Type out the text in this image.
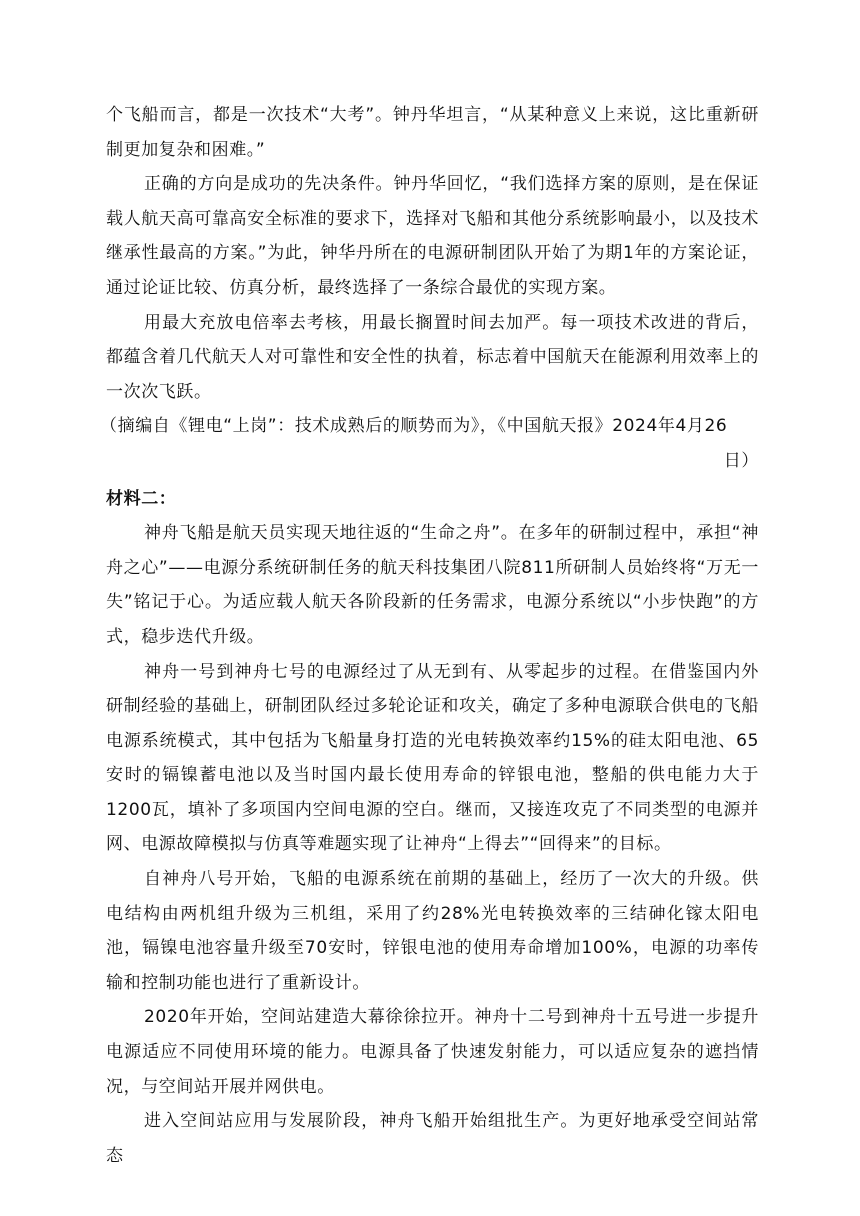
个飞船而言，都是一次技术“大考”。钟丹华坦言，“从某种意义上来说，这比重新研制更加复杂和困难。”

正确的方向是成功的先决条件。钟丹华回忆，“我们选择方案的原则，是在保证载人航天高可靠高安全标准的要求下，选择对飞船和其他分系统影响最小，以及技术继承性最高的方案。”为此，钟华丹所在的电源研制团队开始了为期1年的方案论证，通过论证比较、仿真分析，最终选择了一条综合最优的实现方案。

用最大充放电倍率去考核，用最长搁置时间去加严。每一项技术改进的背后，都蕴含着几代航天人对可靠性和安全性的执着，标志着中国航天在能源利用效率上的一次次飞跃。

（摘编自《锂电“上岗”：技术成熟后的顺势而为》，《中国航天报》2024年4月26

日）

材料二：

神舟飞船是航天员实现天地往返的“生命之舟”。在多年的研制过程中，承担“神舟之心”——电源分系统研制任务的航天科技集团八院811所研制人员始终将“万无一失”铭记于心。为适应载人航天各阶段新的任务需求，电源分系统以“小步快跑”的方式，稳步迭代升级。

神舟一号到神舟七号的电源经过了从无到有、从零起步的过程。在借鉴国内外研制经验的基础上，研制团队经过多轮论证和攻关，确定了多种电源联合供电的飞船电源系统模式，其中包括为飞船量身打造的光电转换效率约15%的硅太阳电池、65安时的镉镍蓄电池以及当时国内最长使用寿命的锌银电池，整船的供电能力大于1200瓦，填补了多项国内空间电源的空白。继而，又接连攻克了不同类型的电源并网、电源故障模拟与仿真等难题实现了让神舟“上得去”“回得来”的目标。

自神舟八号开始，飞船的电源系统在前期的基础上，经历了一次大的升级。供电结构由两机组升级为三机组，采用了约28%光电转换效率的三结砷化镓太阳电池，镉镍电池容量升级至70安时，锌银电池的使用寿命增加100%，电源的功率传输和控制功能也进行了重新设计。

2020年开始，空间站建造大幕徐徐拉开。神舟十二号到神舟十五号进一步提升电源适应不同使用环境的能力。电源具备了快速发射能力，可以适应复杂的遮挡情况，与空间站开展并网供电。

进入空间站应用与发展阶段，神舟飞船开始组批生产。为更好地承受空间站常态
